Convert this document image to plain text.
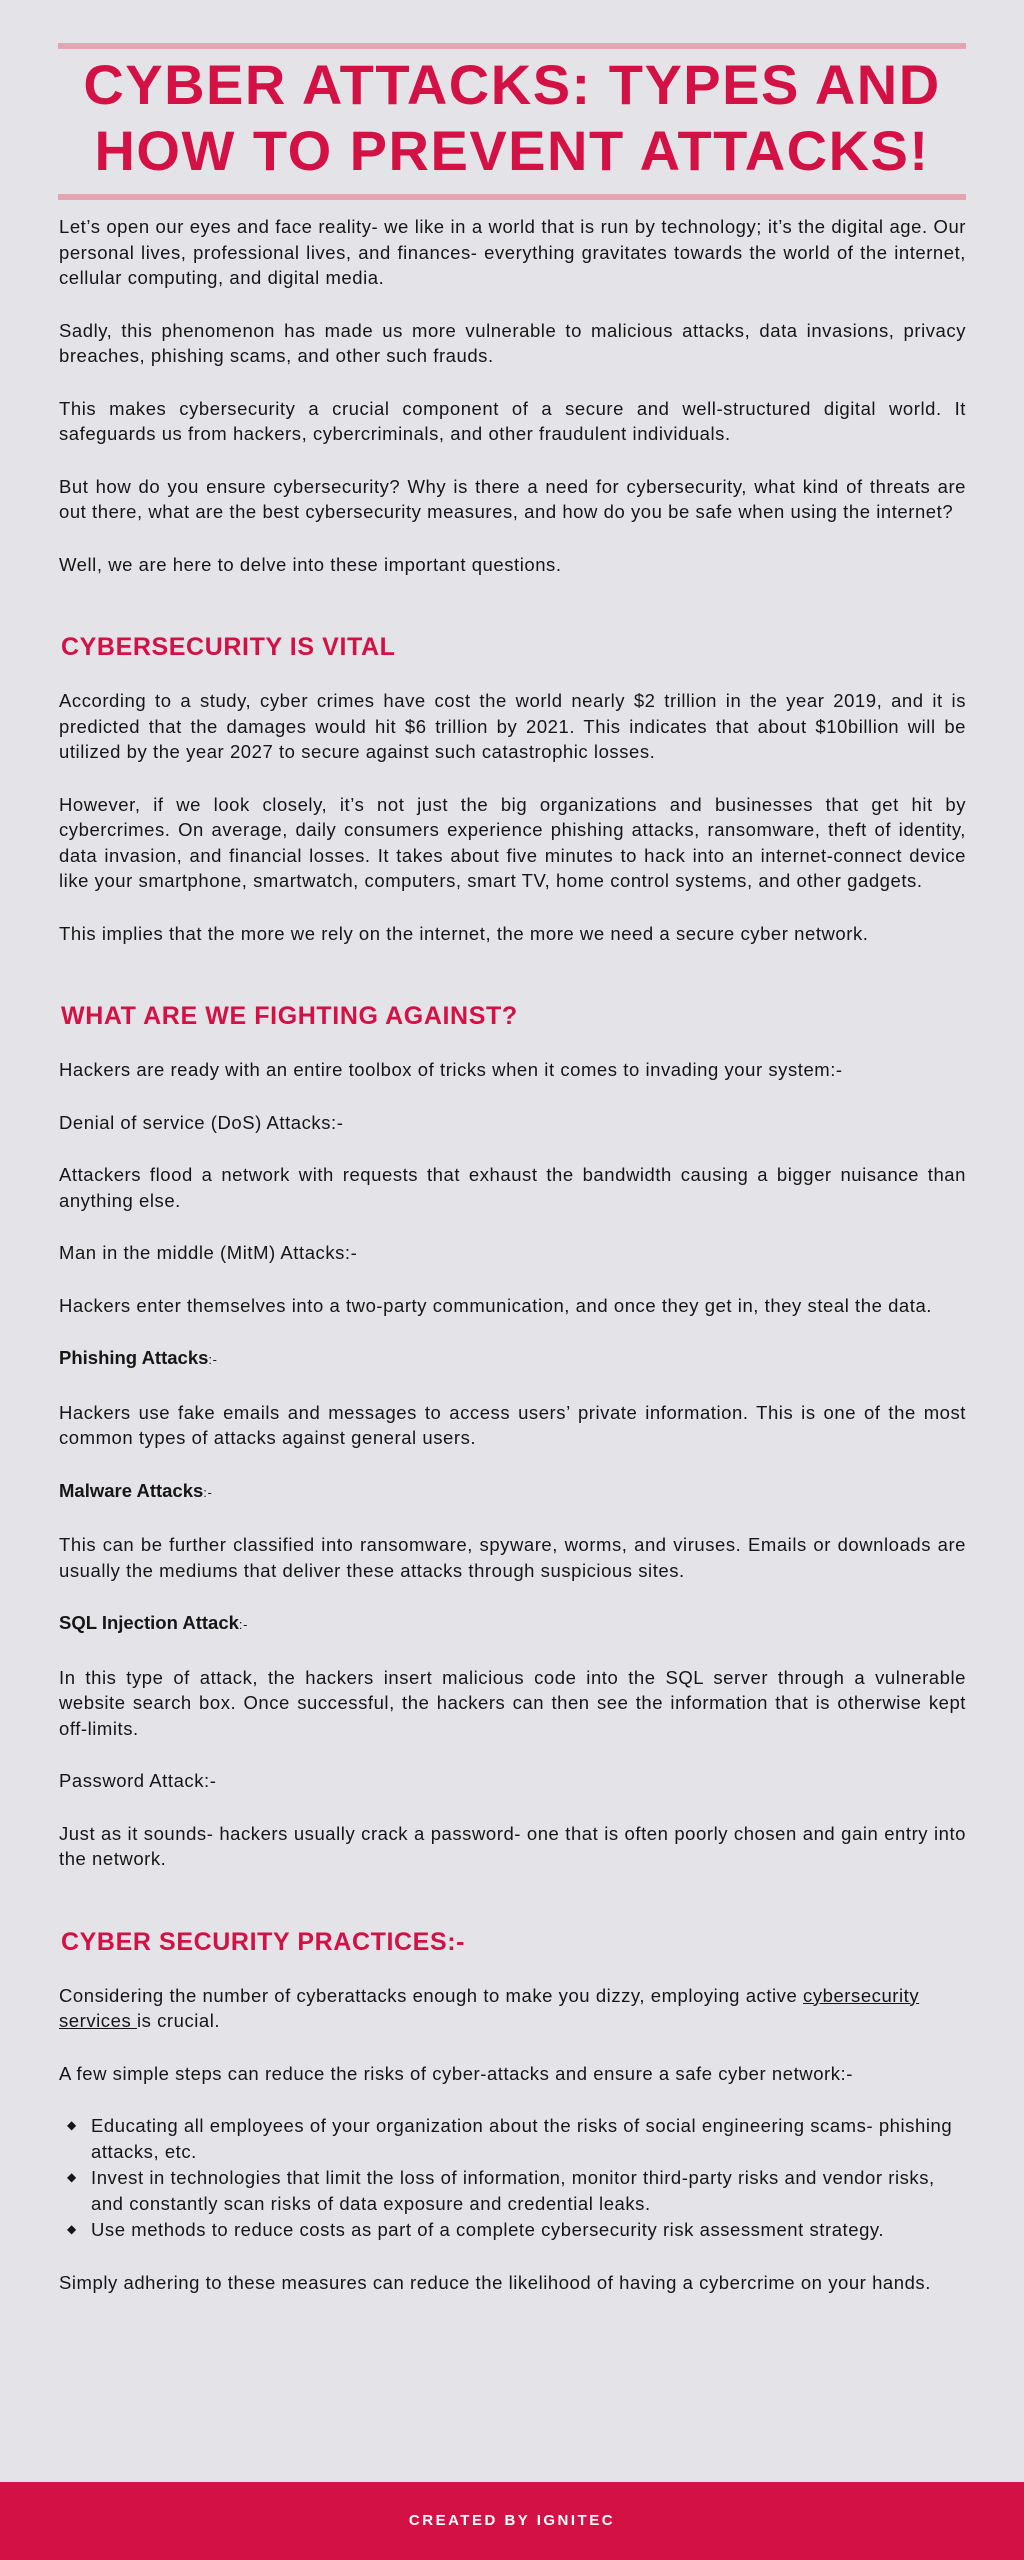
CYBER ATTACKS: TYPES AND
HOW TO PREVENT ATTACKS!

Let’s open our eyes and face reality- we like in a world that is run by technology; it’s the digital age. Our personal lives, professional lives, and finances- everything gravitates towards the world of the internet, cellular computing, and digital media.

Sadly, this phenomenon has made us more vulnerable to malicious attacks, data invasions, privacy breaches, phishing scams, and other such frauds.

This makes cybersecurity a crucial component of a secure and well-structured digital world. It safeguards us from hackers, cybercriminals, and other fraudulent individuals.

But how do you ensure cybersecurity? Why is there a need for cybersecurity, what kind of threats are out there, what are the best cybersecurity measures, and how do you be safe when using the internet?

Well, we are here to delve into these important questions.

CYBERSECURITY IS VITAL

According to a study, cyber crimes have cost the world nearly $2 trillion in the year 2019, and it is predicted that the damages would hit $6 trillion by 2021. This indicates that about $10billion will be utilized by the year 2027 to secure against such catastrophic losses.

However, if we look closely, it’s not just the big organizations and businesses that get hit by cybercrimes. On average, daily consumers experience phishing attacks, ransomware, theft of identity, data invasion, and financial losses. It takes about five minutes to hack into an internet-connect device like your smartphone, smartwatch, computers, smart TV, home control systems, and other gadgets.

This implies that the more we rely on the internet, the more we need a secure cyber network.

WHAT ARE WE FIGHTING AGAINST?

Hackers are ready with an entire toolbox of tricks when it comes to invading your system:-

Denial of service (DoS) Attacks:-

Attackers flood a network with requests that exhaust the bandwidth causing a bigger nuisance than anything else.

Man in the middle (MitM) Attacks:-

Hackers enter themselves into a two-party communication, and once they get in, they steal the data.

Phishing Attacks:-

Hackers use fake emails and messages to access users’ private information. This is one of the most common types of attacks against general users.

Malware Attacks:-

This can be further classified into ransomware, spyware, worms, and viruses. Emails or downloads are usually the mediums that deliver these attacks through suspicious sites.

SQL Injection Attack:-

In this type of attack, the hackers insert malicious code into the SQL server through a vulnerable website search box. Once successful, the hackers can then see the information that is otherwise kept off-limits.

Password Attack:-

Just as it sounds- hackers usually crack a password- one that is often poorly chosen and gain entry into the network.

CYBER SECURITY PRACTICES:-

Considering the number of cyberattacks enough to make you dizzy, employing active cybersecurity services is crucial.

A few simple steps can reduce the risks of cyber-attacks and ensure a safe cyber network:-

◆ Educating all employees of your organization about the risks of social engineering scams- phishing attacks, etc.
◆ Invest in technologies that limit the loss of information, monitor third-party risks and vendor risks, and constantly scan risks of data exposure and credential leaks.
◆ Use methods to reduce costs as part of a complete cybersecurity risk assessment strategy.

Simply adhering to these measures can reduce the likelihood of having a cybercrime on your hands.

CREATED BY IGNITEC
